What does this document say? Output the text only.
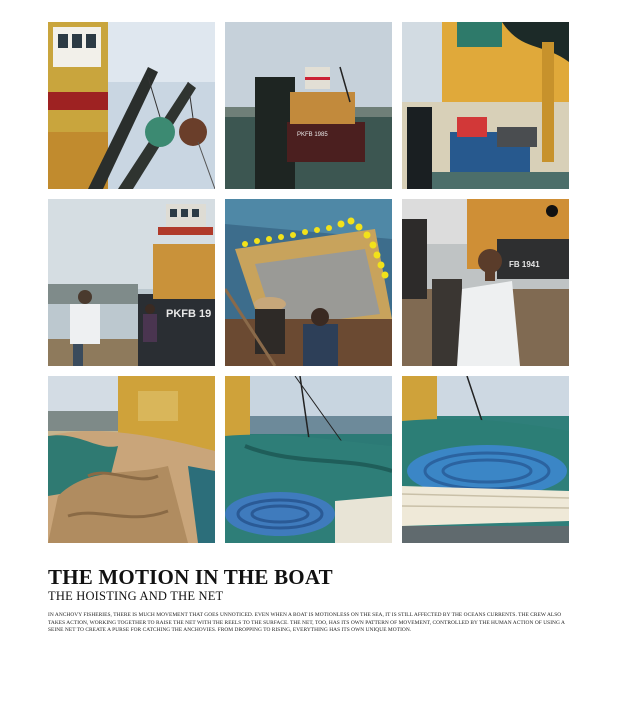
PKFB 1985
PKFB 19
FB 1941
THE MOTION IN THE BOAT
THE HOISTING AND THE NET

IN ANCHOVY FISHERIES, THERE IS MUCH MOVEMENT THAT GOES UNNOTICED. EVEN WHEN A BOAT IS MOTIONLESS ON THE SEA, IT IS STILL AFFECTED BY THE OCEANS CURRENTS. THE CREW ALSO TAKES ACTION, WORKING TOGETHER TO RAISE THE NET WITH THE REELS TO THE SURFACE. THE NET, TOO, HAS ITS OWN PATTERN OF MOVEMENT, CONTROLLED BY THE HUMAN ACTION OF USING A SEINE NET TO CREATE A PURSE FOR CATCHING THE ANCHOVIES. FROM DROPPING TO RISING, EVERYTHING HAS ITS OWN UNIQUE MOTION.
